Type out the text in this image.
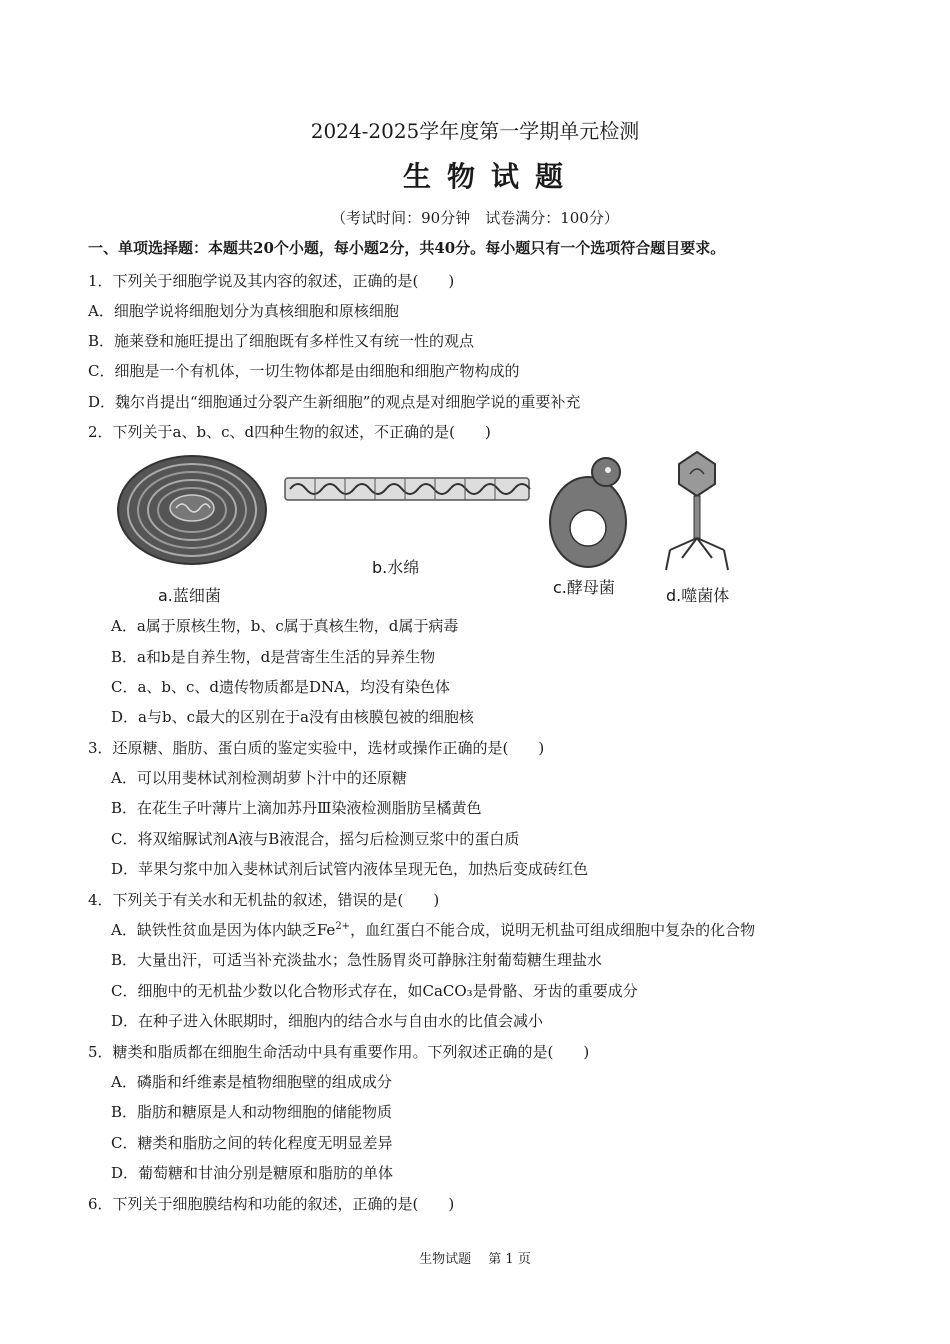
2024-2025学年度第一学期单元检测
生物试题
（考试时间：90分钟　试卷满分：100分）
一、单项选择题：本题共20个小题，每小题2分，共40分。每小题只有一个选项符合题目要求。
1．下列关于细胞学说及其内容的叙述，正确的是(　　)
A．细胞学说将细胞划分为真核细胞和原核细胞
B．施莱登和施旺提出了细胞既有多样性又有统一性的观点
C．细胞是一个有机体，一切生物体都是由细胞和细胞产物构成的
D．魏尔肖提出“细胞通过分裂产生新细胞”的观点是对细胞学说的重要补充
2．下列关于a、b、c、d四种生物的叙述，不正确的是(　　)
a.蓝细菌
b.水绵
c.酵母菌	d.噬菌体
A．a属于原核生物，b、c属于真核生物，d属于病毒
B．a和b是自养生物，d是营寄生生活的异养生物
C．a、b、c、d遗传物质都是DNA，均没有染色体
D．a与b、c最大的区别在于a没有由核膜包被的细胞核
3．还原糖、脂肪、蛋白质的鉴定实验中，选材或操作正确的是(　　)
A．可以用斐林试剂检测胡萝卜汁中的还原糖
B．在花生子叶薄片上滴加苏丹Ⅲ染液检测脂肪呈橘黄色
C．将双缩脲试剂A液与B液混合，摇匀后检测豆浆中的蛋白质
D．苹果匀浆中加入斐林试剂后试管内液体呈现无色，加热后变成砖红色
4．下列关于有关水和无机盐的叙述，错误的是(　　)
A．缺铁性贫血是因为体内缺乏$Fe^{2+}$，血红蛋白不能合成，说明无机盐可组成细胞中复杂的化合物
B．大量出汗，可适当补充淡盐水；急性肠胃炎可静脉注射葡萄糖生理盐水
C．细胞中的无机盐少数以化合物形式存在，如CaCO₃是骨骼、牙齿的重要成分
D．在种子进入休眠期时，细胞内的结合水与自由水的比值会减小
5．糖类和脂质都在细胞生命活动中具有重要作用。下列叙述正确的是(　　)
A．磷脂和纤维素是植物细胞壁的组成成分
B．脂肪和糖原是人和动物细胞的储能物质
C．糖类和脂肪之间的转化程度无明显差异
D．葡萄糖和甘油分别是糖原和脂肪的单体
6．下列关于细胞膜结构和功能的叙述，正确的是(　　)
生物试题　 第 1 页
